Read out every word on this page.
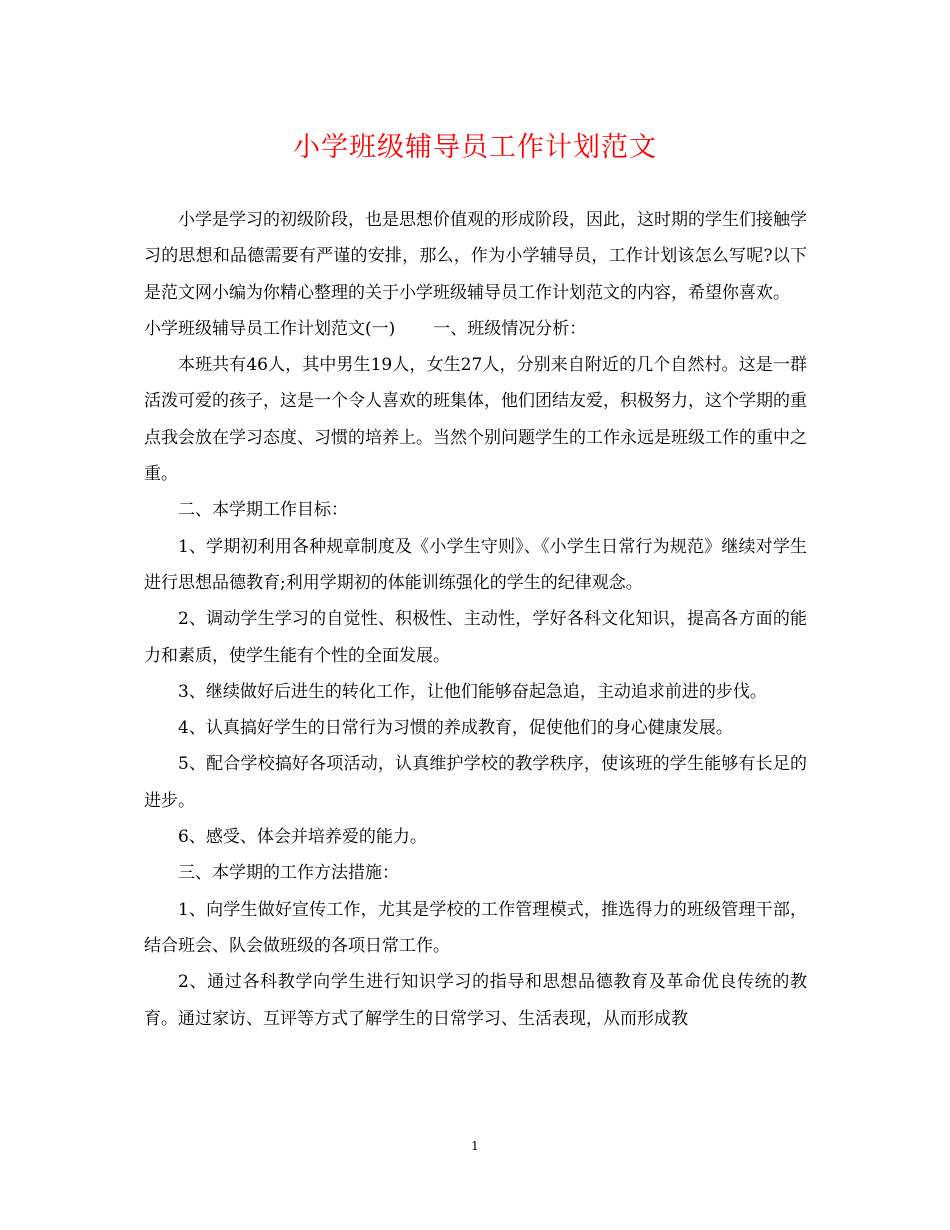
小学班级辅导员工作计划范文

小学是学习的初级阶段，也是思想价值观的形成阶段，因此，这时期的学生们接触学习的思想和品德需要有严谨的安排，那么，作为小学辅导员，工作计划该怎么写呢?以下是范文网小编为你精心整理的关于小学班级辅导员工作计划范文的内容，希望你喜欢。

小学班级辅导员工作计划范文(一) 一、班级情况分析：

本班共有46人，其中男生19人，女生27人，分别来自附近的几个自然村。这是一群活泼可爱的孩子，这是一个令人喜欢的班集体，他们团结友爱，积极努力，这个学期的重点我会放在学习态度、习惯的培养上。当然个别问题学生的工作永远是班级工作的重中之重。

二、本学期工作目标：

1、学期初利用各种规章制度及《小学生守则》、《小学生日常行为规范》继续对学生进行思想品德教育;利用学期初的体能训练强化的学生的纪律观念。

2、调动学生学习的自觉性、积极性、主动性，学好各科文化知识，提高各方面的能力和素质，使学生能有个性的全面发展。

3、继续做好后进生的转化工作，让他们能够奋起急追，主动追求前进的步伐。

4、认真搞好学生的日常行为习惯的养成教育，促使他们的身心健康发展。

5、配合学校搞好各项活动，认真维护学校的教学秩序，使该班的学生能够有长足的进步。

6、感受、体会并培养爱的能力。

三、本学期的工作方法措施：

1、向学生做好宣传工作，尤其是学校的工作管理模式，推选得力的班级管理干部，结合班会、队会做班级的各项日常工作。

2、通过各科教学向学生进行知识学习的指导和思想品德教育及革命优良传统的教育。通过家访、互评等方式了解学生的日常学习、生活表现，从而形成教

1
